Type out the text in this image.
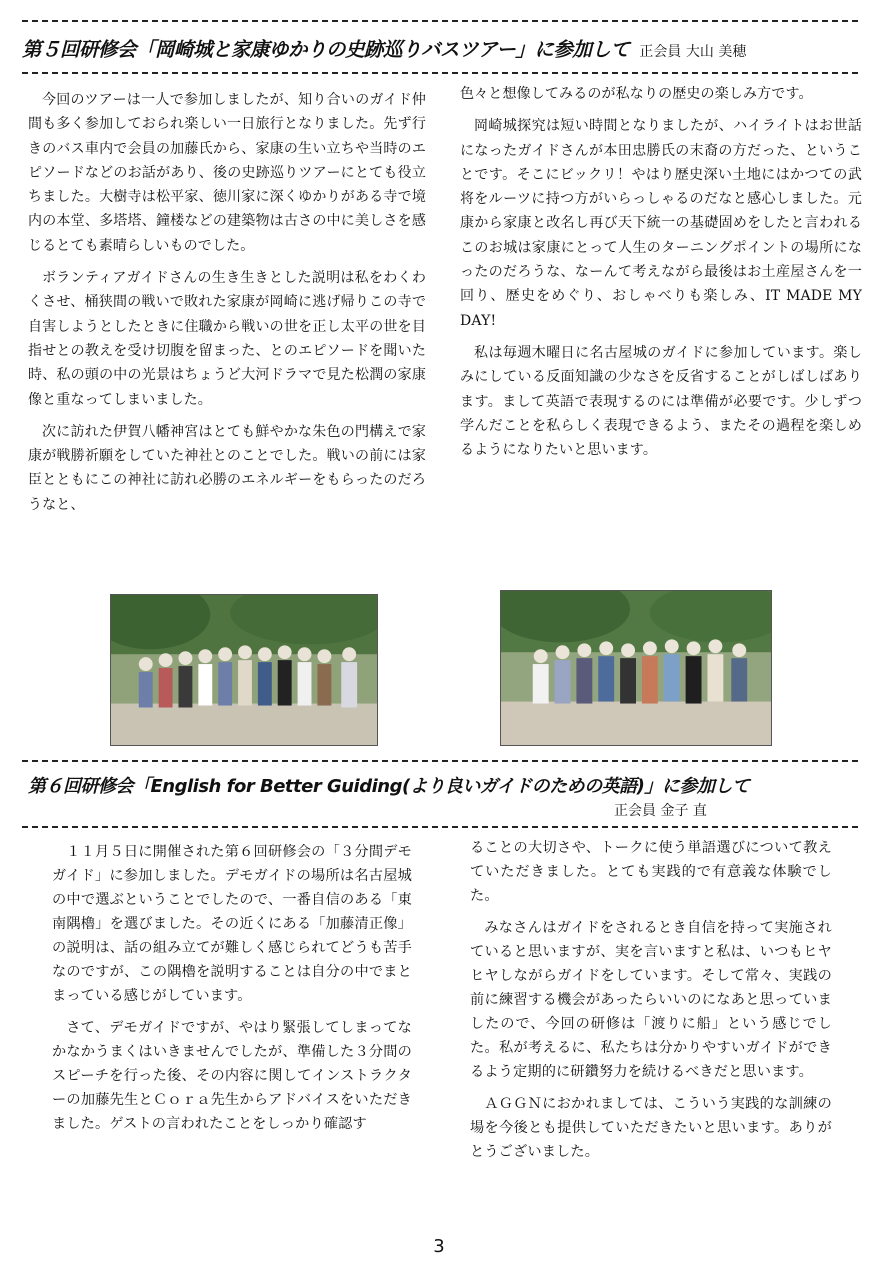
第５回研修会「岡崎城と家康ゆかりの史跡巡りバスツアー」に参加して 正会員 大山 美穂

今回のツアーは一人で参加しましたが、知り合いのガイド仲間も多く参加しておられ楽しい一日旅行となりました。先ず行きのバス車内で会員の加藤氏から、家康の生い立ちや当時のエピソードなどのお話があり、後の史跡巡りツアーにとても役立ちました。大樹寺は松平家、徳川家に深くゆかりがある寺で境内の本堂、多塔塔、鐘楼などの建築物は古さの中に美しさを感じるとても素晴らしいものでした。

ボランティアガイドさんの生き生きとした説明は私をわくわくさせ、桶狭間の戦いで敗れた家康が岡崎に逃げ帰りこの寺で自害しようとしたときに住職から戦いの世を正し太平の世を目指せとの教えを受け切腹を留まった、とのエピソードを聞いた時、私の頭の中の光景はちょうど大河ドラマで見た松潤の家康像と重なってしまいました。

次に訪れた伊賀八幡神宮はとても鮮やかな朱色の門構えで家康が戦勝祈願をしていた神社とのことでした。戦いの前には家臣とともにこの神社に訪れ必勝のエネルギーをもらったのだろうなと、

色々と想像してみるのが私なりの歴史の楽しみ方です。

岡崎城探究は短い時間となりましたが、ハイライトはお世話になったガイドさんが本田忠勝氏の末裔の方だった、ということです。そこにビックリ！やはり歴史深い土地にはかつての武将をルーツに持つ方がいらっしゃるのだなと感心しました。元康から家康と改名し再び天下統一の基礎固めをしたと言われるこのお城は家康にとって人生のターニングポイントの場所になったのだろうな、なーんて考えながら最後はお土産屋さんを一回り、歴史をめぐり、おしゃべりも楽しみ、IT MADE MY DAY!

私は毎週木曜日に名古屋城のガイドに参加しています。楽しみにしている反面知識の少なさを反省することがしばしばあります。まして英語で表現するのには準備が必要です。少しずつ学んだことを私らしく表現できるよう、またその過程を楽しめるようになりたいと思います。

第６回研修会「English for Better Guiding(より良いガイドのための英語)」に参加して
正会員 金子 直

１１月５日に開催された第６回研修会の「３分間デモガイド」に参加しました。デモガイドの場所は名古屋城の中で選ぶということでしたので、一番自信のある「東南隅櫓」を選びました。その近くにある「加藤清正像」の説明は、話の組み立てが難しく感じられてどうも苦手なのですが、この隅櫓を説明することは自分の中でまとまっている感じがしています。

さて、デモガイドですが、やはり緊張してしまってなかなかうまくはいきませんでしたが、準備した３分間のスピーチを行った後、その内容に関してインストラクターの加藤先生とＣｏｒａ先生からアドバイスをいただきました。ゲストの言われたことをしっかり確認す

ることの大切さや、トークに使う単語選びについて教えていただきました。とても実践的で有意義な体験でした。

みなさんはガイドをされるとき自信を持って実施されていると思いますが、実を言いますと私は、いつもヒヤヒヤしながらガイドをしています。そして常々、実践の前に練習する機会があったらいいのになあと思っていましたので、今回の研修は「渡りに船」という感じでした。私が考えるに、私たちは分かりやすいガイドができるよう定期的に研鑽努力を続けるべきだと思います。

ＡＧＧＮにおかれましては、こういう実践的な訓練の場を今後とも提供していただきたいと思います。ありがとうございました。

3
